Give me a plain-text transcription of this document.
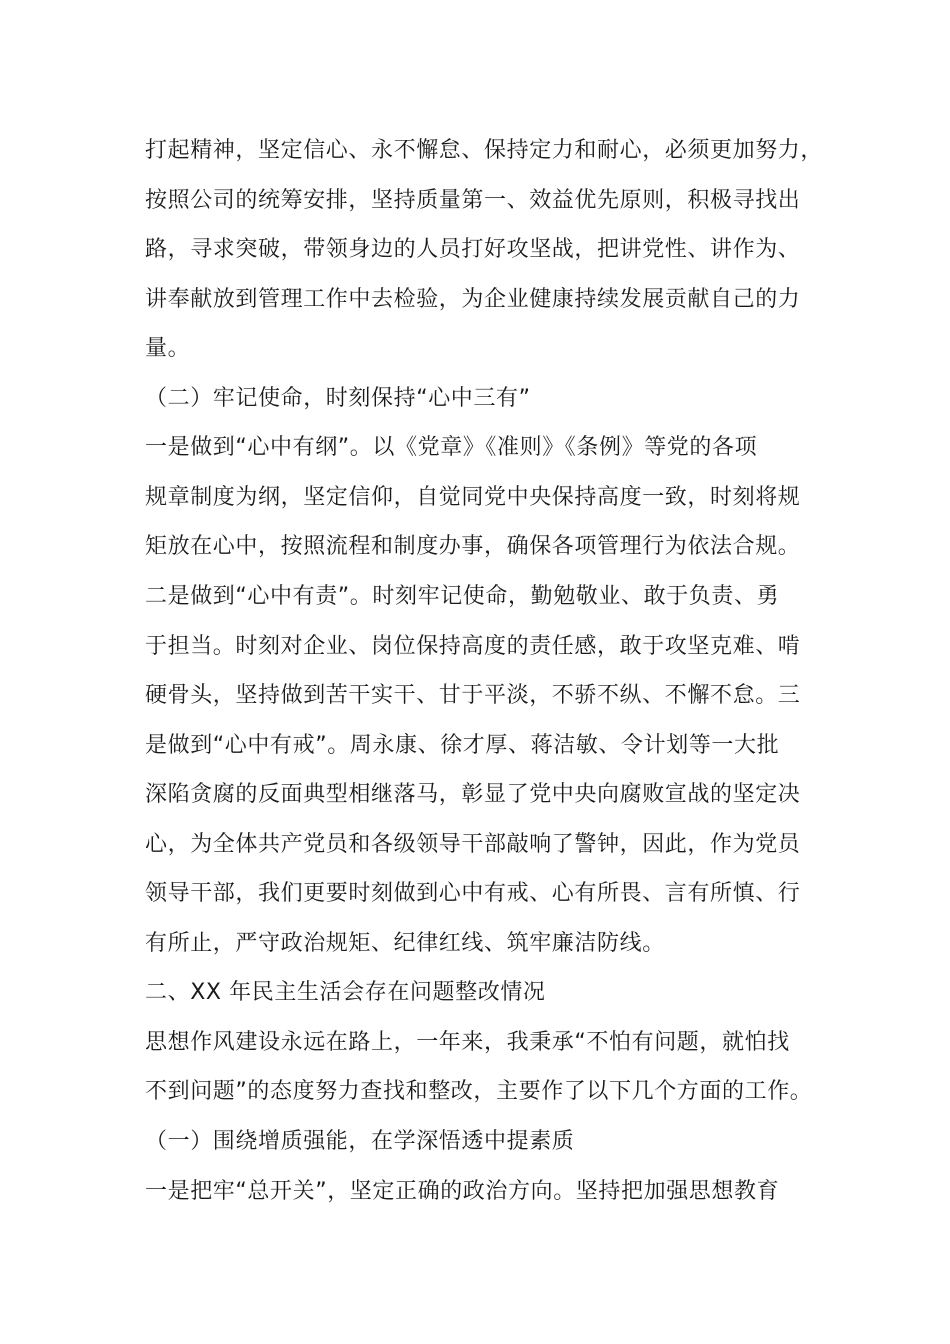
打起精神，坚定信心、永不懈怠、保持定力和耐心，必须更加努力，
按照公司的统筹安排，坚持质量第一、效益优先原则，积极寻找出
路，寻求突破，带领身边的人员打好攻坚战，把讲党性、讲作为、
讲奉献放到管理工作中去检验，为企业健康持续发展贡献自己的力
量。
（二）牢记使命，时刻保持“心中三有”
一是做到“心中有纲”。以《党章》《准则》《条例》等党的各项
规章制度为纲，坚定信仰，自觉同党中央保持高度一致，时刻将规
矩放在心中，按照流程和制度办事，确保各项管理行为依法合规。
二是做到“心中有责”。时刻牢记使命，勤勉敬业、敢于负责、勇
于担当。时刻对企业、岗位保持高度的责任感，敢于攻坚克难、啃
硬骨头，坚持做到苦干实干、甘于平淡，不骄不纵、不懈不怠。三
是做到“心中有戒”。周永康、徐才厚、蒋洁敏、令计划等一大批
深陷贪腐的反面典型相继落马，彰显了党中央向腐败宣战的坚定决
心，为全体共产党员和各级领导干部敲响了警钟，因此，作为党员
领导干部，我们更要时刻做到心中有戒、心有所畏、言有所慎、行
有所止，严守政治规矩、纪律红线、筑牢廉洁防线。
二、XX 年民主生活会存在问题整改情况
思想作风建设永远在路上，一年来，我秉承“不怕有问题，就怕找
不到问题”的态度努力查找和整改，主要作了以下几个方面的工作。
（一）围绕增质强能，在学深悟透中提素质
一是把牢“总开关”，坚定正确的政治方向。坚持把加强思想教育
